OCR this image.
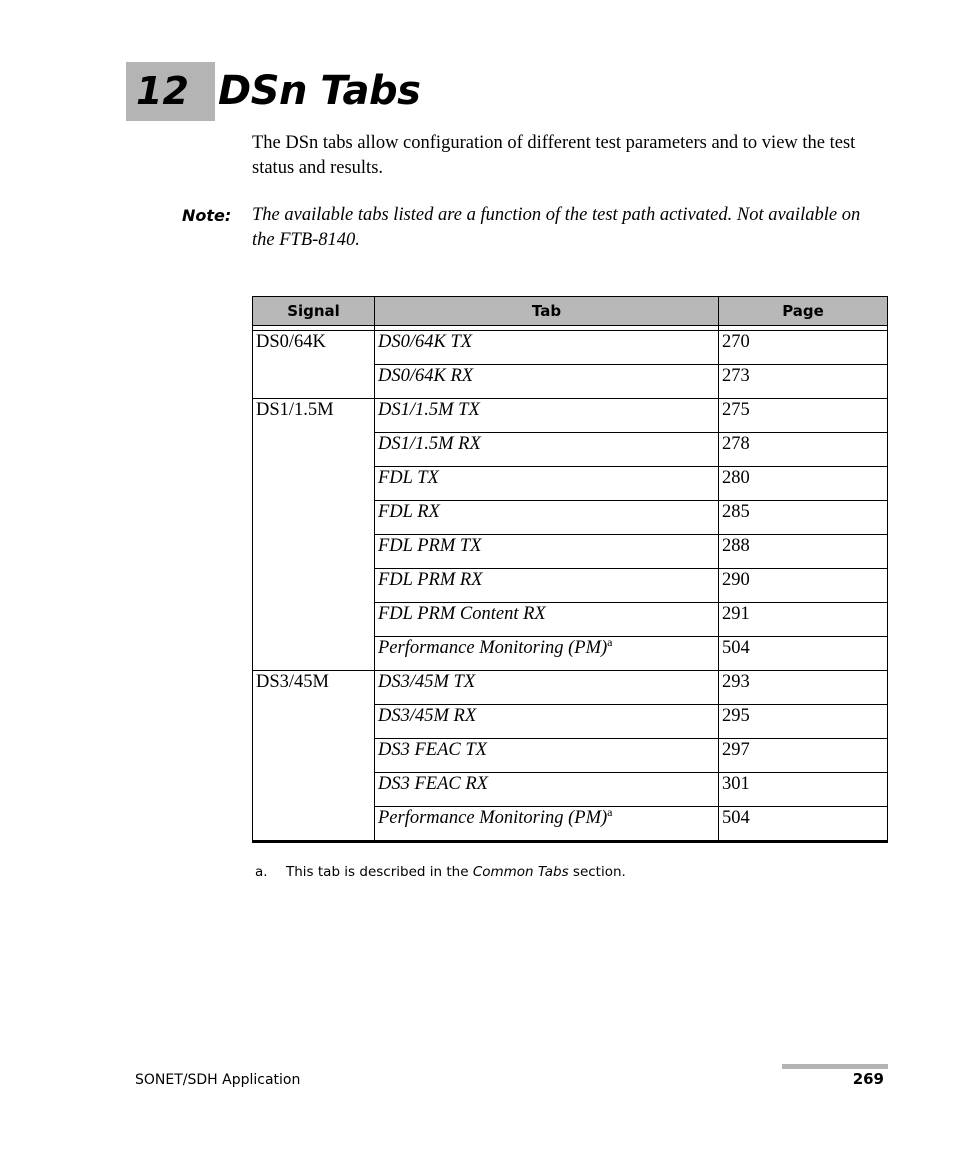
12 DSn Tabs

The DSn tabs allow configuration of different test parameters and to view the test status and results.

Note: The available tabs listed are a function of the test path activated. Not available on the FTB-8140.

Signal	Tab	Page

DS0/64K	DS0/64K TX	270
	DS0/64K RX	273
DS1/1.5M	DS1/1.5M TX	275
	DS1/1.5M RX	278
	FDL TX	280
	FDL RX	285
	FDL PRM TX	288
	FDL PRM RX	290
	FDL PRM Content RX	291
	Performance Monitoring (PM)$^a$	504
DS3/45M	DS3/45M TX	293
	DS3/45M RX	295
	DS3 FEAC TX	297
	DS3 FEAC RX	301
	Performance Monitoring (PM)$^a$	504
a. This tab is described in the Common Tabs section.
SONET/SDH Application	269
